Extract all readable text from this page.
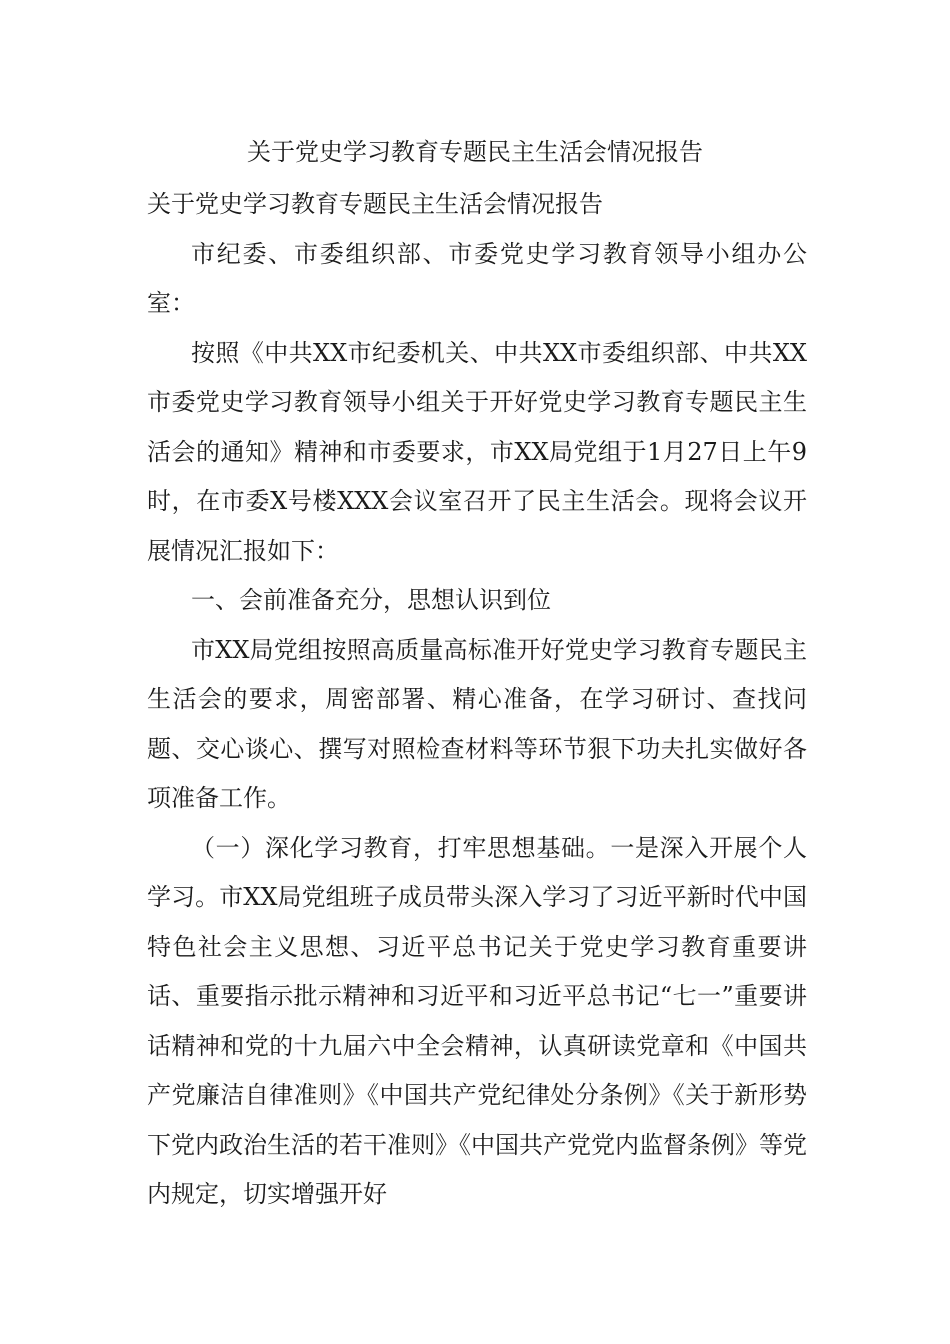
关于党史学习教育专题民主生活会情况报告

关于党史学习教育专题民主生活会情况报告

市纪委、市委组织部、市委党史学习教育领导小组办公室：

按照《中共XX市纪委机关、中共XX市委组织部、中共XX市委党史学习教育领导小组关于开好党史学习教育专题民主生活会的通知》精神和市委要求，市XX局党组于1月27日上午9时，在市委X号楼XXX会议室召开了民主生活会。现将会议开展情况汇报如下：

一、会前准备充分，思想认识到位

市XX局党组按照高质量高标准开好党史学习教育专题民主生活会的要求，周密部署、精心准备，在学习研讨、查找问题、交心谈心、撰写对照检查材料等环节狠下功夫扎实做好各项准备工作。

（一）深化学习教育，打牢思想基础。一是深入开展个人学习。市XX局党组班子成员带头深入学习了习近平新时代中国特色社会主义思想、习近平总书记关于党史学习教育重要讲话、重要指示批示精神和习近平和习近平总书记“七一”重要讲话精神和党的十九届六中全会精神，认真研读党章和《中国共产党廉洁自律准则》《中国共产党纪律处分条例》《关于新形势下党内政治生活的若干准则》《中国共产党党内监督条例》等党内规定，切实增强开好
